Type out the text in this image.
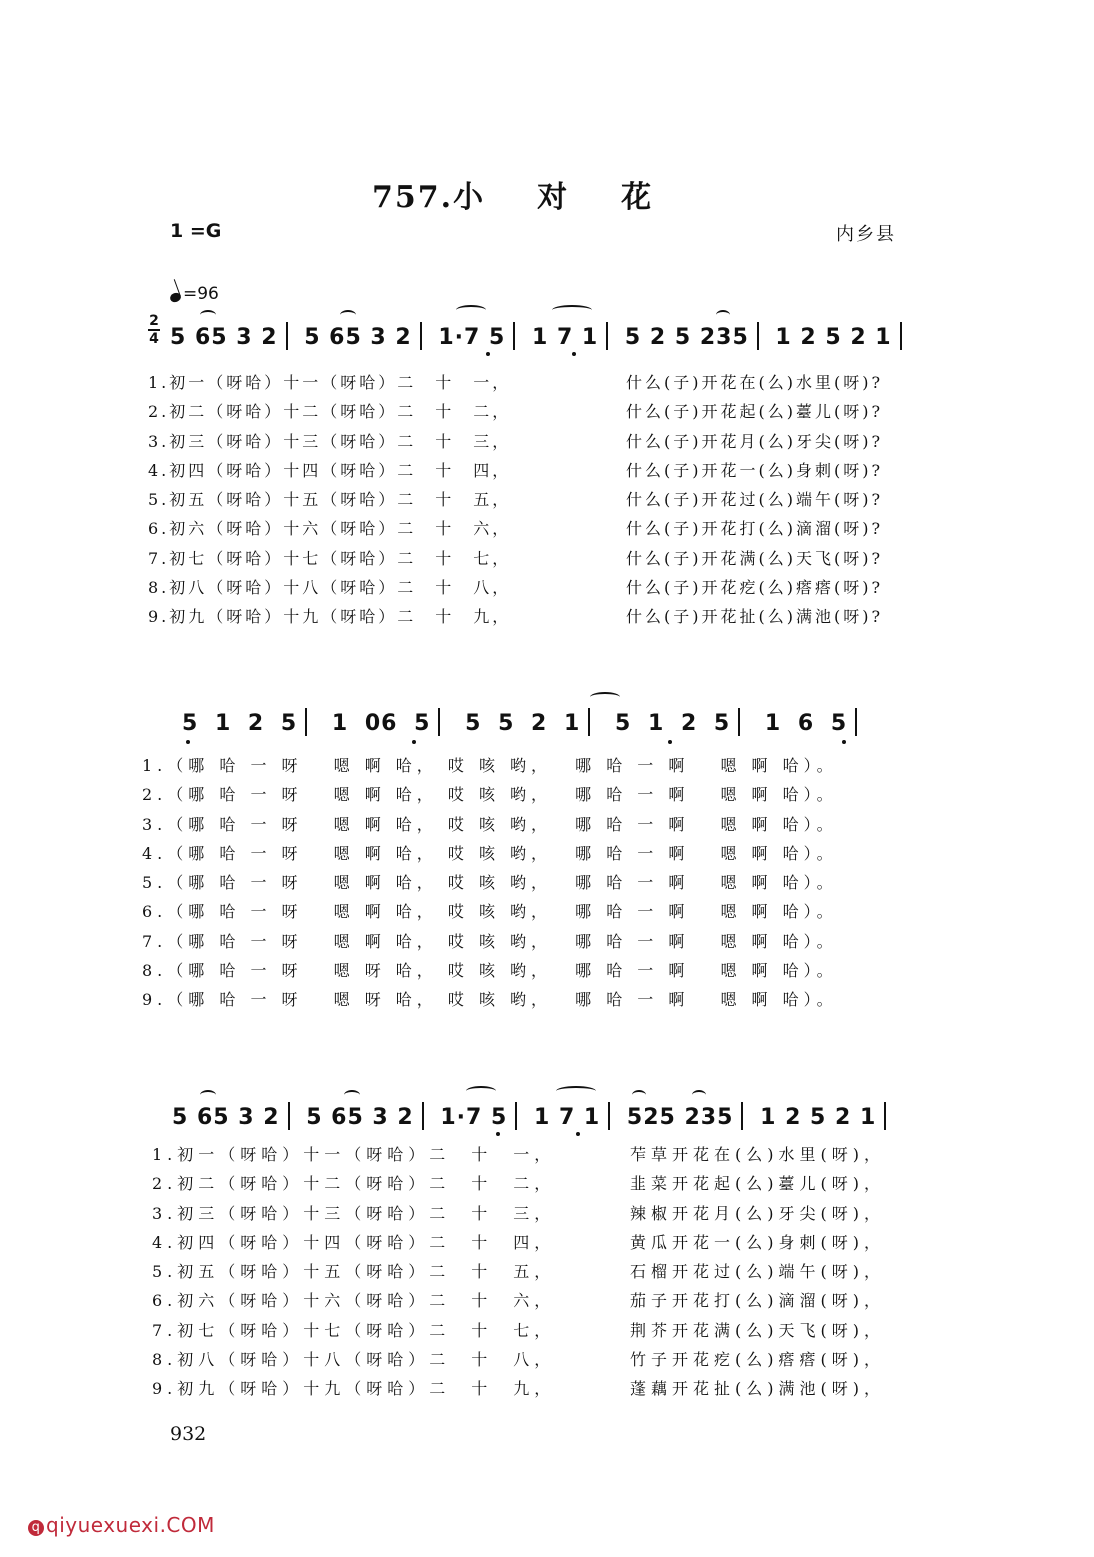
757.小 对 花
1 =G	内乡县
=96
2
4 5 65 3 2 5 65 3 2 1·7 5 1 7 1 5 2 5 235 1 2 5 2 1
1.初一（呀哈）十一（呀哈）二　十　一，	什么(子)开花在(么)水里(呀)?
2.初二（呀哈）十二（呀哈）二　十　二，	什么(子)开花起(么)薹儿(呀)?
3.初三（呀哈）十三（呀哈）二　十　三，	什么(子)开花月(么)牙尖(呀)?
4.初四（呀哈）十四（呀哈）二　十　四，	什么(子)开花一(么)身刺(呀)?
5.初五（呀哈）十五（呀哈）二　十　五，	什么(子)开花过(么)端午(呀)?
6.初六（呀哈）十六（呀哈）二　十　六，	什么(子)开花打(么)滴溜(呀)?
7.初七（呀哈）十七（呀哈）二　十　七，	什么(子)开花满(么)天飞(呀)?
8.初八（呀哈）十八（呀哈）二　十　八，	什么(子)开花疙(么)瘩瘩(呀)?
9.初九（呀哈）十九（呀哈）二　十　九，	什么(子)开花扯(么)满池(呀)?
5 1 2 5 1 06 5 5 5 2 1 5 1 2 5 1 6 5
1.（哪 哈 一 呀　 嗯 啊 哈， 哎 咳 哟，　 哪 哈 一 啊　 嗯 啊 哈）。
2.（哪 哈 一 呀　 嗯 啊 哈， 哎 咳 哟，　 哪 哈 一 啊　 嗯 啊 哈）。
3.（哪 哈 一 呀　 嗯 啊 哈， 哎 咳 哟，　 哪 哈 一 啊　 嗯 啊 哈）。
4.（哪 哈 一 呀　 嗯 啊 哈， 哎 咳 哟，　 哪 哈 一 啊　 嗯 啊 哈）。
5.（哪 哈 一 呀　 嗯 啊 哈， 哎 咳 哟，　 哪 哈 一 啊　 嗯 啊 哈）。
6.（哪 哈 一 呀　 嗯 啊 哈， 哎 咳 哟，　 哪 哈 一 啊　 嗯 啊 哈）。
7.（哪 哈 一 呀　 嗯 啊 哈， 哎 咳 哟，　 哪 哈 一 啊　 嗯 啊 哈）。
8.（哪 哈 一 呀　 嗯 呀 哈， 哎 咳 哟，　 哪 哈 一 啊　 嗯 啊 哈）。
9.（哪 哈 一 呀　 嗯 呀 哈， 哎 咳 哟，　 哪 哈 一 啊　 嗯 啊 哈）。
5 65 3 2 5 65 3 2 1·7 5 1 7 1 525 235 1 2 5 2 1
1.初一（呀哈）十一（呀哈）二　十　一，	苲草开花在(么)水里(呀)，
2.初二（呀哈）十二（呀哈）二　十　二，	韭菜开花起(么)薹儿(呀)，
3.初三（呀哈）十三（呀哈）二　十　三，	辣椒开花月(么)牙尖(呀)，
4.初四（呀哈）十四（呀哈）二　十　四，	黄瓜开花一(么)身刺(呀)，
5.初五（呀哈）十五（呀哈）二　十　五，	石榴开花过(么)端午(呀)，
6.初六（呀哈）十六（呀哈）二　十　六，	茄子开花打(么)滴溜(呀)，
7.初七（呀哈）十七（呀哈）二　十　七，	荆芥开花满(么)天飞(呀)，
8.初八（呀哈）十八（呀哈）二　十　八，	竹子开花疙(么)瘩瘩(呀)，
9.初九（呀哈）十九（呀哈）二　十　九，	蓬藕开花扯(么)满池(呀)，
932
q qiyuexuexi.COM
